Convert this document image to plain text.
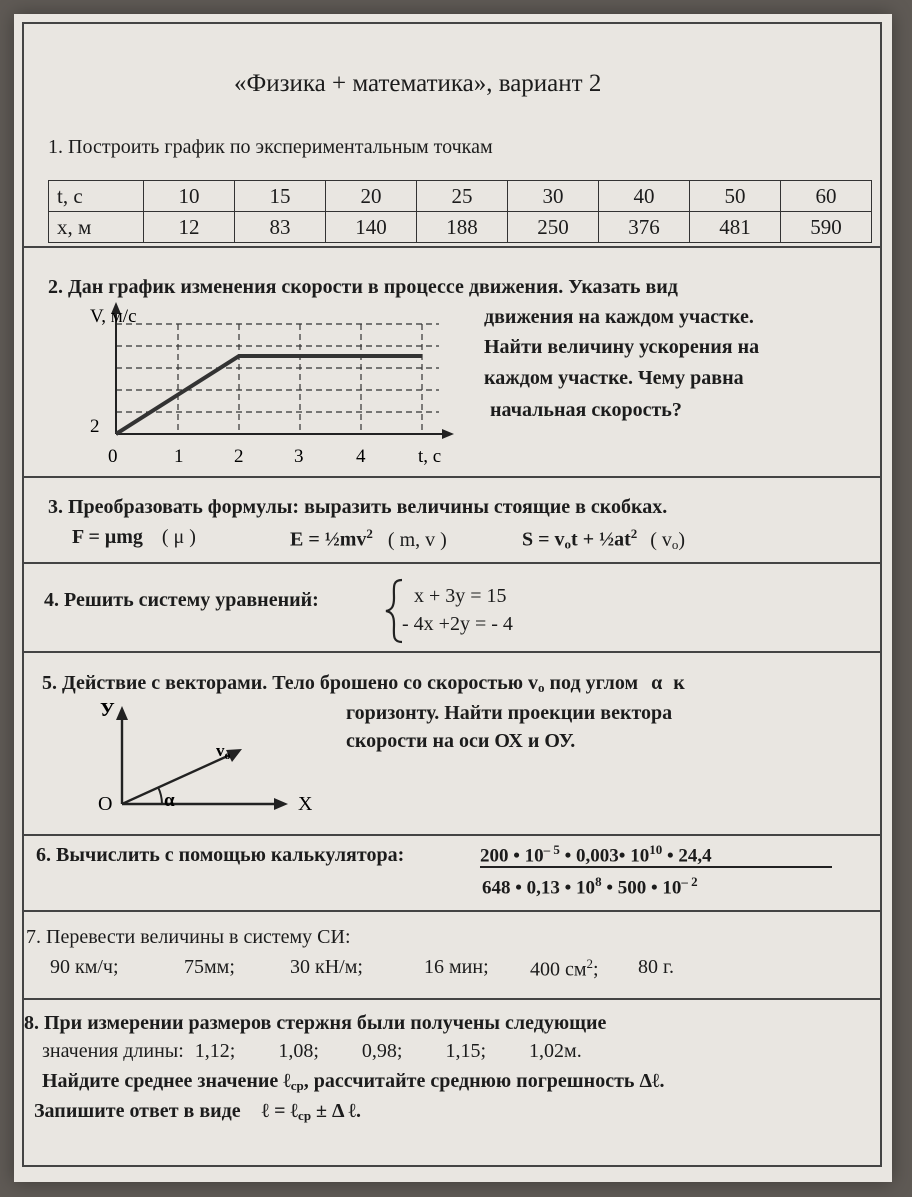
«Физика + математика», вариант 2
1. Построить график по экспериментальным точкам
t, c	10	15	20	25	30	40	50	60
x, м	12	83	140	188	250	376	481	590
2. Дан график изменения скорости в процессе движения. Указать вид
движения на каждом участке.
Найти величину ускорения на
каждом участке. Чему равна
начальная скорость?
V, м/с
2
0	1	2	3	4	t, c
3. Преобразовать формулы: выразить величины стоящие в скобках.
F = μmg ( μ )	$E = \frac{1}{2}mv^2$ ( m, v )	$S = v_ot$ + $\frac{1}{2}at^2$ ( $v_o$)
4. Решить систему уравнений:	x + 3y = 15
- 4x +2y = - 4
5. Действие с векторами. Тело брошено со скоростью $v_o$ под углом α к
горизонту. Найти проекции вектора
скорости на оси ОХ и ОУ.
У
О	α	Х
vo
6. Вычислить с помощью калькулятора:	200 • $10^{- 5}$ • 0,003• $10^{10}$ • 24,4
648 • 0,13 • $10^8$ • 500 • $10^{- 2}$
7. Перевести величины в систему СИ:
90 км/ч;	75мм;	30 кН/м;	16 мин; 400 $см^2$; 80 г.
8. При измерении размеров стержня были получены следующие
значения длины: 1,12; 1,08; 0,98; 1,15; 1,02м.
Найдите среднее значение ℓ$_{ср}$, рассчитайте среднюю погрешность Δℓ.
Запишите ответ в виде ℓ = ℓ$_{ср}$ ± Δ ℓ.
